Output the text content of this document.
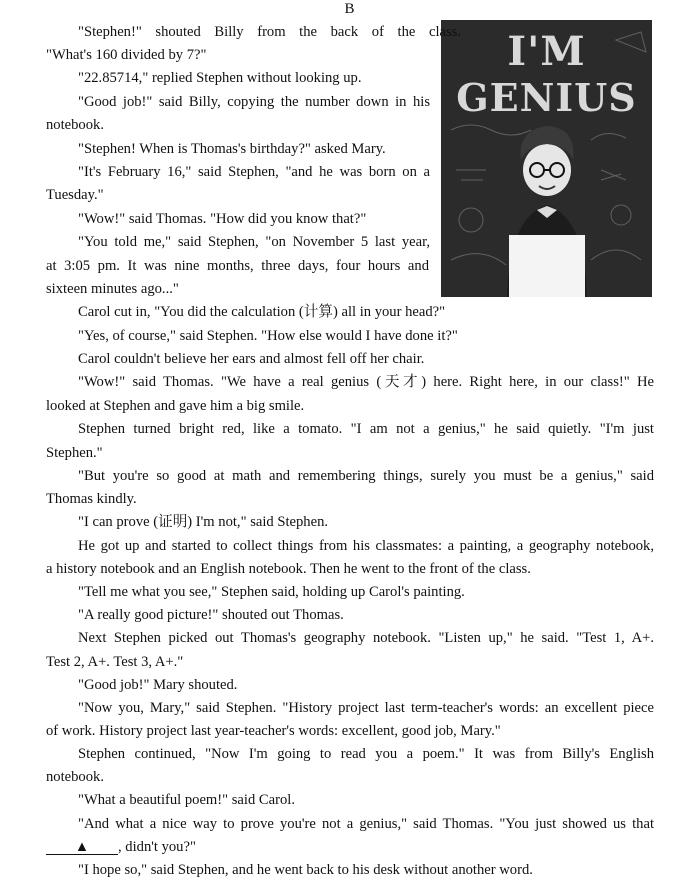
B
I'M
GENIUS
"Stephen!" shouted Billy from the back of the class.
"What's 160 divided by 7?"
"22.85714," replied Stephen without looking up.
"Good job!" said Billy, copying the number down in his
notebook.
"Stephen! When is Thomas's birthday?" asked Mary.
"It's February 16," said Stephen, "and he was born on a
Tuesday."
"Wow!" said Thomas. "How did you know that?"
"You told me," said Stephen, "on November 5 last year,
at 3:05 pm. It was nine months, three days, four hours and
sixteen minutes ago..."
Carol cut in, "You did the calculation (计算) all in your head?"
"Yes, of course," said Stephen. "How else would I have done it?"
Carol couldn't believe her ears and almost fell off her chair.
"Wow!" said Thomas. "We have a real genius (天才) here. Right here, in our class!" He
looked at Stephen and gave him a big smile.
Stephen turned bright red, like a tomato. "I am not a genius," he said quietly. "I'm just
Stephen."
"But you're so good at math and remembering things, surely you must be a genius," said
Thomas kindly.
"I can prove (证明) I'm not," said Stephen.
He got up and started to collect things from his classmates: a painting, a geography notebook,
a history notebook and an English notebook. Then he went to the front of the class.
"Tell me what you see," Stephen said, holding up Carol's painting.
"A really good picture!" shouted out Thomas.
Next Stephen picked out Thomas's geography notebook. "Listen up," he said. "Test 1, A+.
Test 2, A+. Test 3, A+."
"Good job!" Mary shouted.
"Now you, Mary," said Stephen. "History project last term-teacher's words: an excellent piece
of work. History project last year-teacher's words: excellent, good job, Mary."
Stephen continued, "Now I'm going to read you a poem." It was from Billy's English
notebook.
"What a beautiful poem!" said Carol.
"And what a nice way to prove you're not a genius," said Thomas. "You just showed us that
▲ , didn't you?"
"I hope so," said Stephen, and he went back to his desk without another word.
